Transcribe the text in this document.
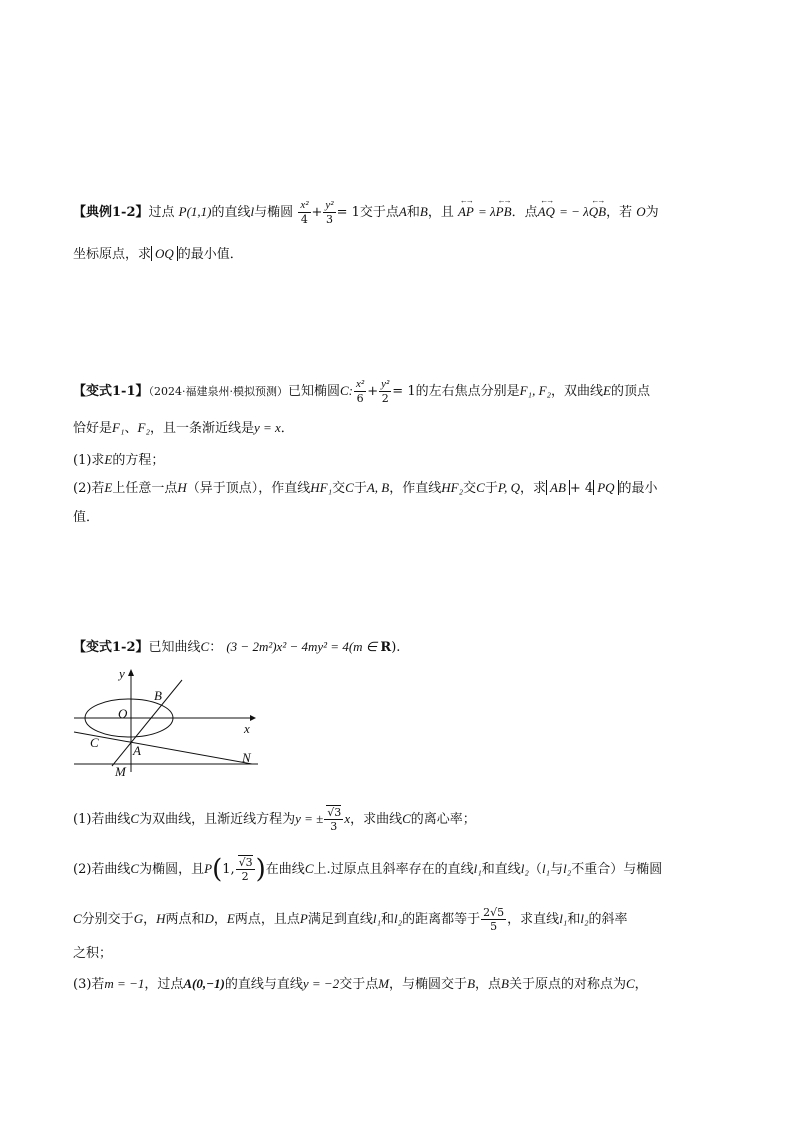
【典例1-2】过点 P(1,1)的直线l与椭圆 $\frac{\text{x²}}{4} + \frac{\text{y²}}{3} = 1$交于点A和B，且 ←→ AP = λ←→ PB．点←→ AQ = − λ←→ QB，若 O为
坐标原点，求 OQ 的最小值．
【变式1-1】（2024·福建泉州·模拟预测）已知椭圆C: $\frac{\text{x²}}{6} + \frac{\text{y²}}{2} = 1$的左右焦点分别是F₁, F₂，双曲线E的顶点
恰好是F₁、F₂，且一条渐近线是y = x．
(1)求E的方程；
(2)若E上任意一点H（异于顶点），作直线HF₁交C于A, B，作直线HF₂交C于P, Q，求 AB + 4 PQ 的最小
值．
【变式1-2】已知曲线C： (3 − 2m²)x² − 4my² = 4(m ∈ R).
y
x
O
B
C
A
M
N
(1)若曲线C为双曲线，且渐近线方程为y = ± $\frac{√3}{3}$ x，求曲线C的离心率；
(2)若曲线C为椭圆，且P(1, $\frac{√3}{2}$ )在曲线C上.过原点且斜率存在的直线l₁和直线l₂（l₁与l₂不重合）与椭圆
C分别交于G，H两点和D，E两点，且点P满足到直线l₁和l₂的距离都等于 $\frac{2√5}{5}$ ，求直线l₁和l₂的斜率
之积；
(3)若m = −1，过点A(0,−1)的直线与直线y = −2交于点M，与椭圆交于B，点B关于原点的对称点为C，
